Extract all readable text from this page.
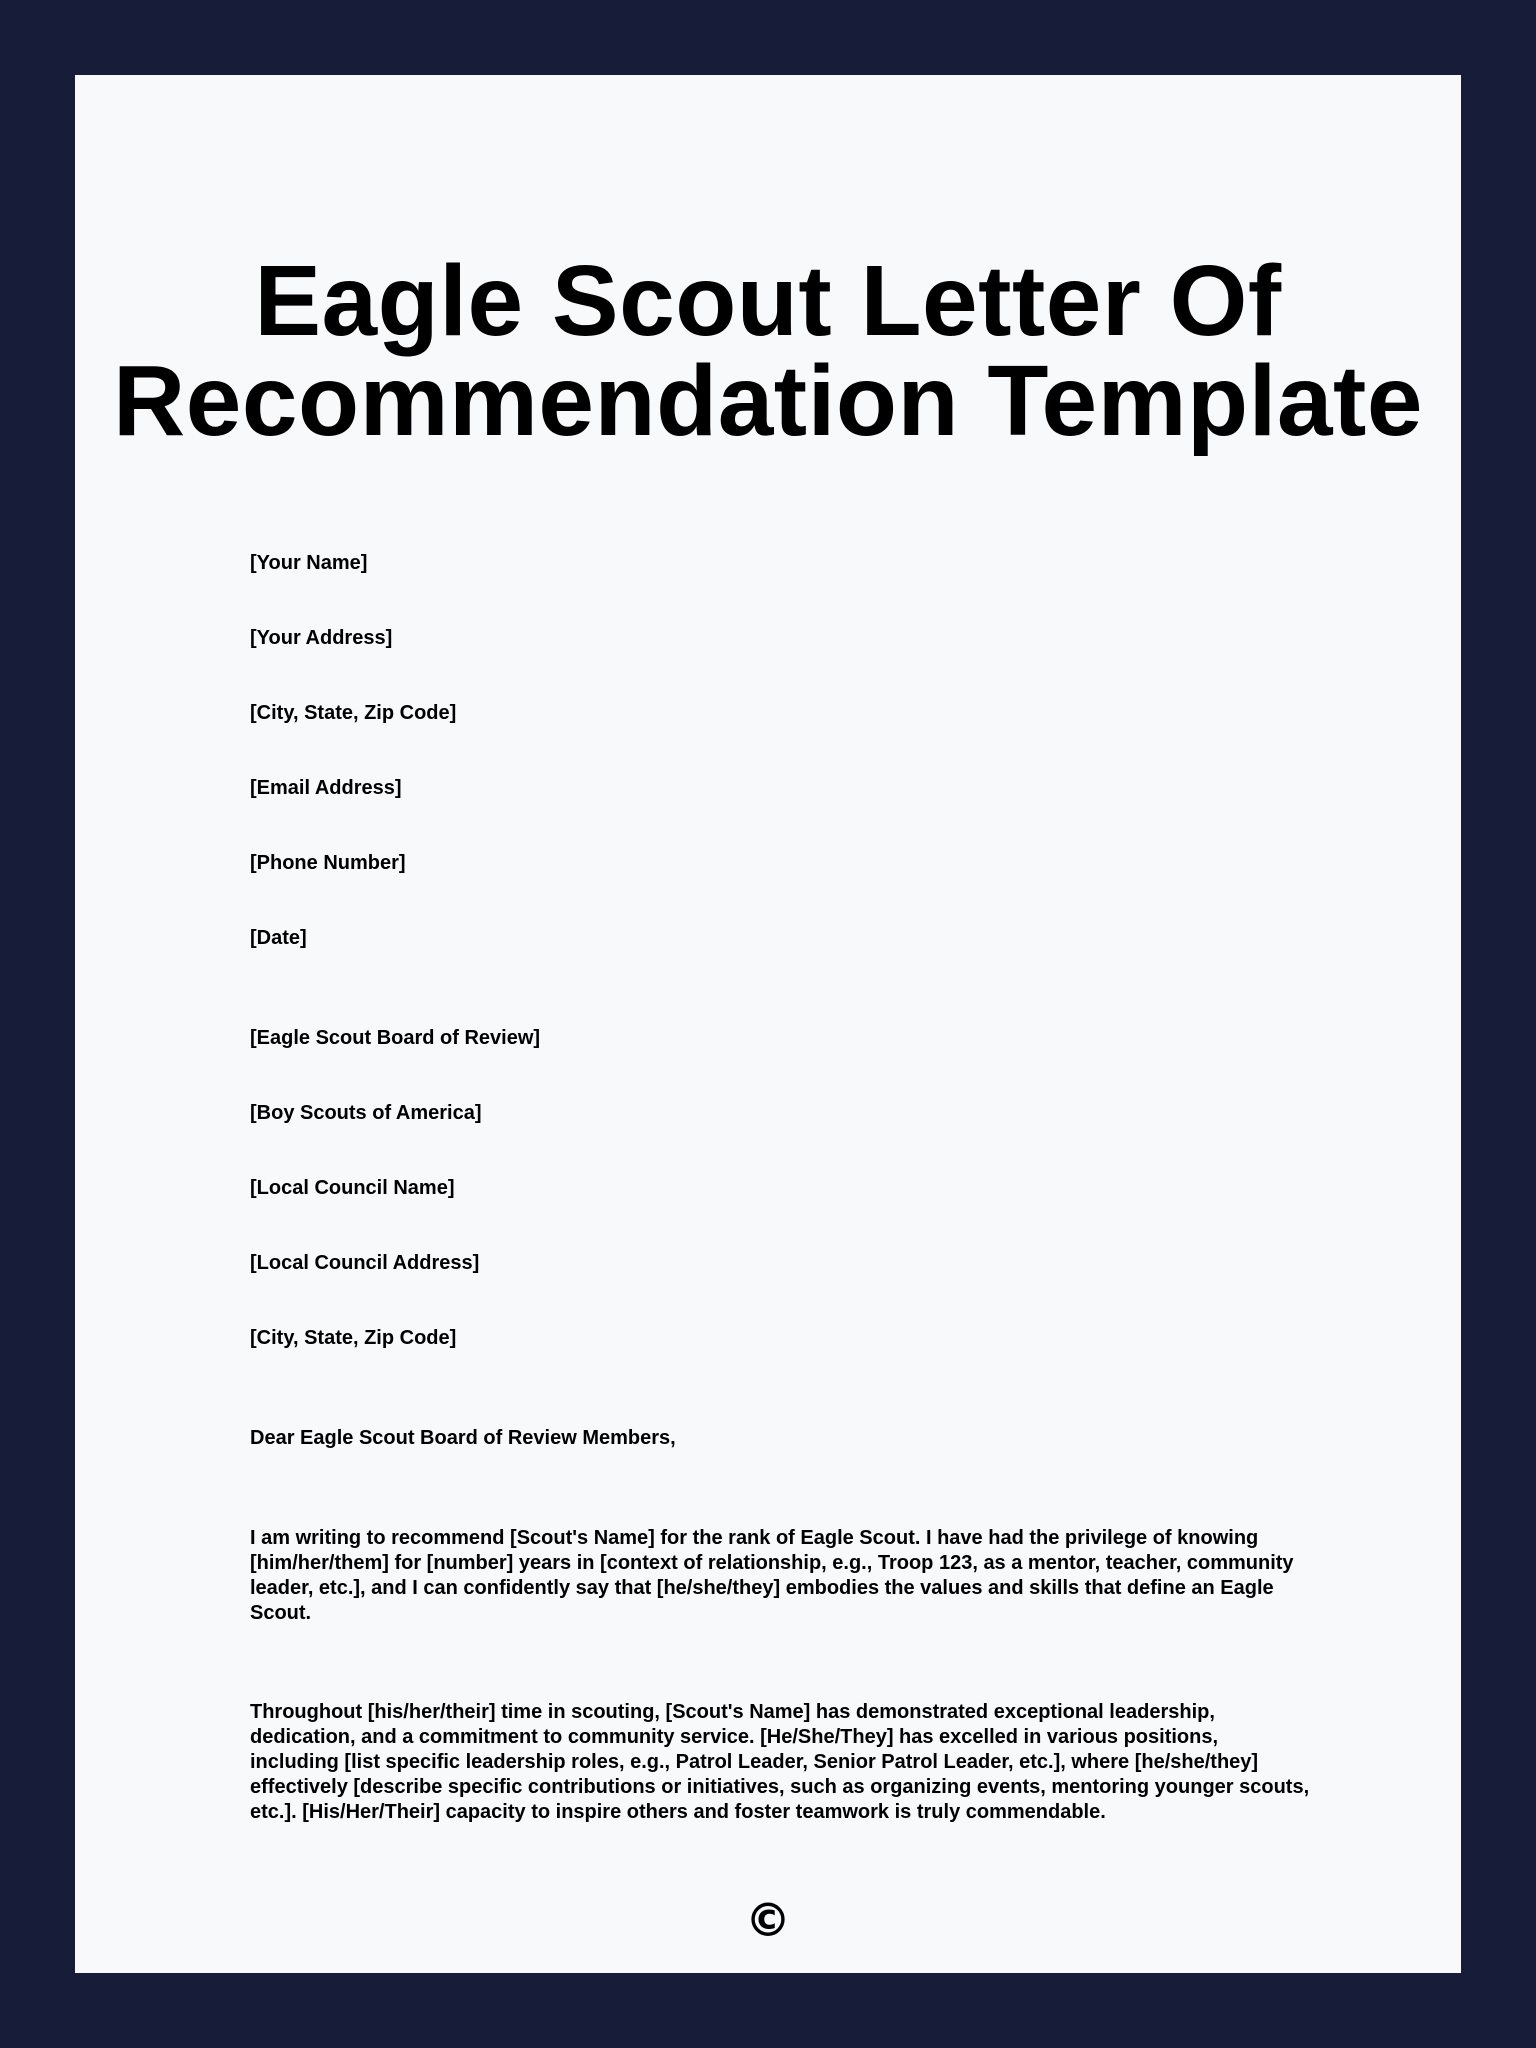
Eagle Scout Letter Of
Recommendation Template

[Your Name]

[Your Address]

[City, State, Zip Code]

[Email Address]

[Phone Number]

[Date]

[Eagle Scout Board of Review]

[Boy Scouts of America]

[Local Council Name]

[Local Council Address]

[City, State, Zip Code]

Dear Eagle Scout Board of Review Members,

I am writing to recommend [Scout's Name] for the rank of Eagle Scout. I have had the privilege of knowing [him/her/them] for [number] years in [context of relationship, e.g., Troop 123, as a mentor, teacher, community leader, etc.], and I can confidently say that [he/she/they] embodies the values and skills that define an Eagle Scout.

Throughout [his/her/their] time in scouting, [Scout's Name] has demonstrated exceptional leadership, dedication, and a commitment to community service. [He/She/They] has excelled in various positions, including [list specific leadership roles, e.g., Patrol Leader, Senior Patrol Leader, etc.], where [he/she/they] effectively [describe specific contributions or initiatives, such as organizing events, mentoring younger scouts, etc.]. [His/Her/Their] capacity to inspire others and foster teamwork is truly commendable.

©
